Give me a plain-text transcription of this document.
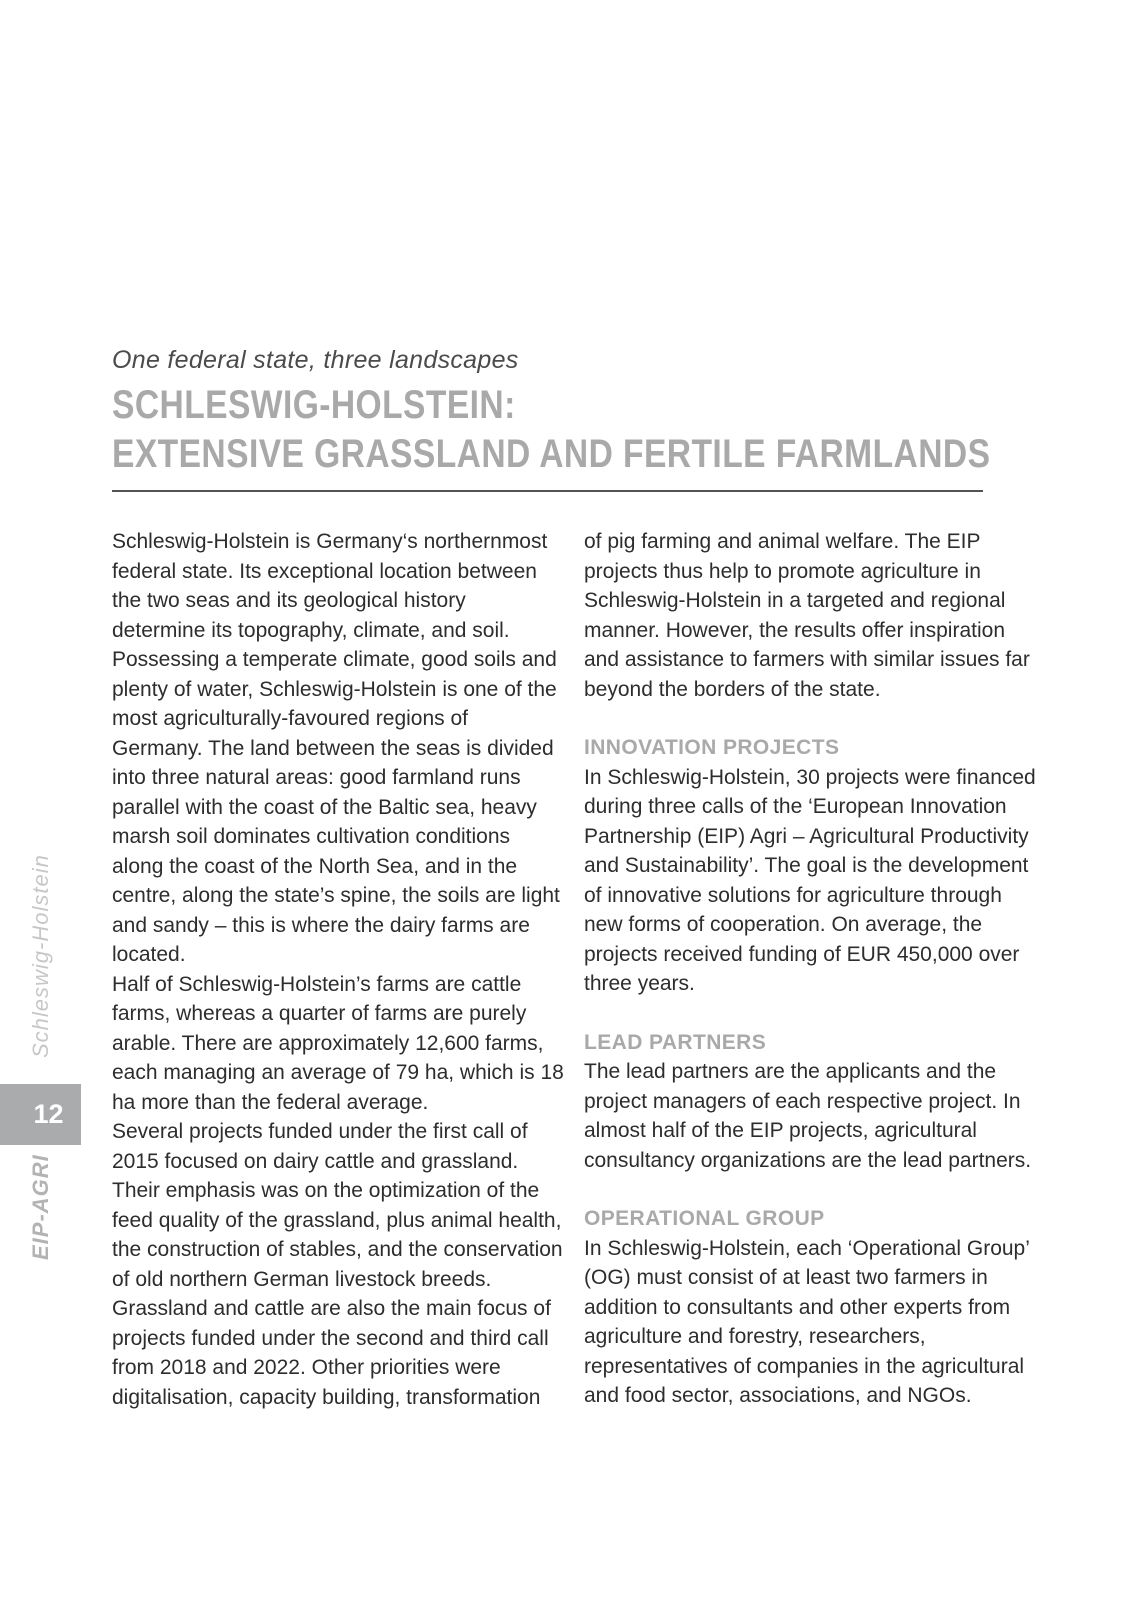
Schleswig-Holstein
12
EIP-AGRI
One federal state, three landscapes
SCHLESWIG-HOLSTEIN:
EXTENSIVE GRASSLAND AND FERTILE FARMLANDS

Schleswig-Holstein is Germany‘s northernmost federal state. Its exceptional location between the two seas and its geological history determine its topography, climate, and soil. Possessing a temperate climate, good soils and plenty of water, Schleswig-Holstein is one of the most agriculturally-favoured regions of Germany. The land between the seas is divided into three natural areas: good farmland runs parallel with the coast of the Baltic sea, heavy marsh soil dominates cultivation conditions along the coast of the North Sea, and in the centre, along the state’s spine, the soils are light and sandy – this is where the dairy farms are located.

Half of Schleswig-Holstein’s farms are cattle farms, whereas a quarter of farms are purely arable. There are approximately 12,600 farms, each managing an average of 79 ha, which is 18 ha more than the federal average.

Several projects funded under the first call of 2015 focused on dairy cattle and grassland. Their emphasis was on the optimization of the feed quality of the grassland, plus animal health, the construction of stables, and the conservation of old northern German livestock breeds.

Grassland and cattle are also the main focus of projects funded under the second and third call from 2018 and 2022. Other priorities were digitalisation, capacity building, transformation

of pig farming and animal welfare. The EIP projects thus help to promote agriculture in Schleswig-Holstein in a targeted and regional manner. However, the results offer inspiration and assistance to farmers with similar issues far beyond the borders of the state.

INNOVATION PROJECTS

In Schleswig-Holstein, 30 projects were financed during three calls of the ‘European Innovation Partnership (EIP) Agri – Agricultural Productivity and Sustainability’. The goal is the development of innovative solutions for agriculture through new forms of cooperation. On average, the projects received funding of EUR 450,000 over three years.

LEAD PARTNERS

The lead partners are the applicants and the project managers of each respective project. In almost half of the EIP projects, agricultural consultancy organizations are the lead partners.

OPERATIONAL GROUP

In Schleswig-Holstein, each ‘Operational Group’ (OG) must consist of at least two farmers in addition to consultants and other experts from agriculture and forestry, researchers, representatives of companies in the agricultural and food sector, associations, and NGOs.
